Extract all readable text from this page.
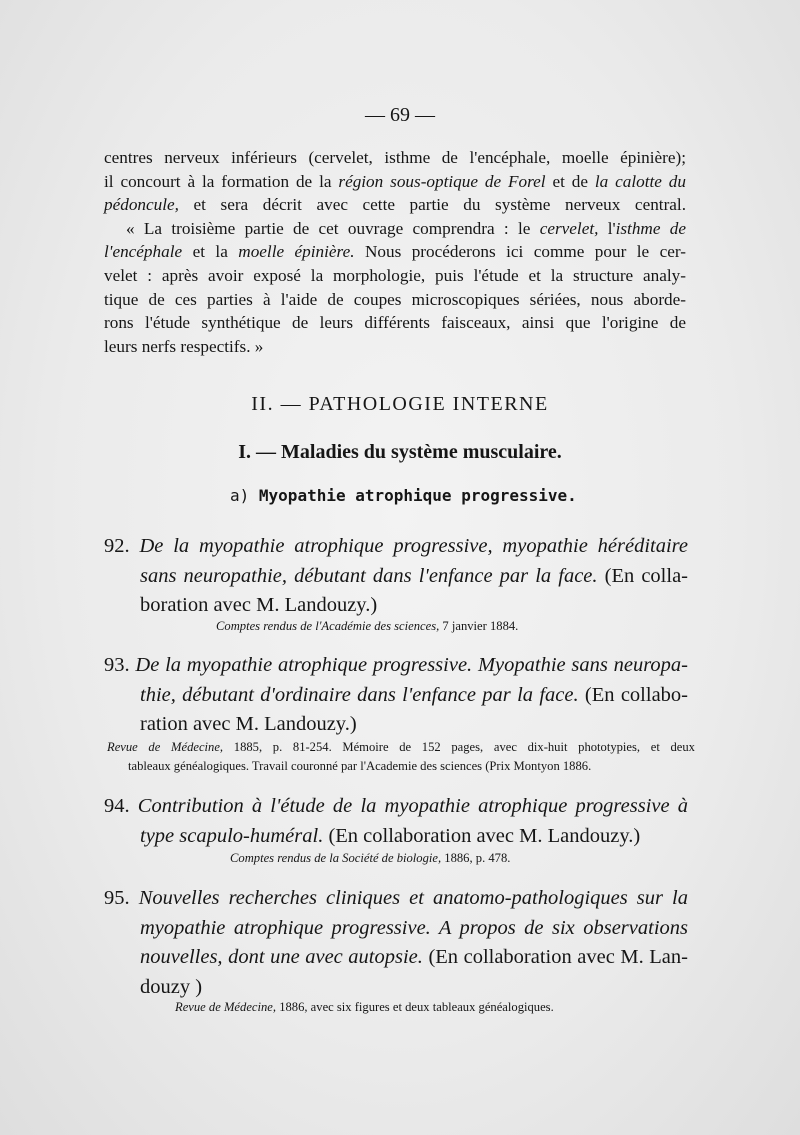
— 69 —
centres nerveux inférieurs (cervelet, isthme de l'encéphale, moelle épinière);
il concourt à la formation de la région sous-optique de Forel et de la calotte du
pédoncule, et sera décrit avec cette partie du système nerveux central.
« La troisième partie de cet ouvrage comprendra : le cervelet, l'isthme de
l'encéphale et la moelle épinière. Nous procéderons ici comme pour le cer-
velet : après avoir exposé la morphologie, puis l'étude et la structure analy-
tique de ces parties à l'aide de coupes microscopiques sériées, nous aborde-
rons l'étude synthétique de leurs différents faisceaux, ainsi que l'origine de
leurs nerfs respectifs. »
II. — PATHOLOGIE INTERNE
I. — Maladies du système musculaire.
a) Myopathie atrophique progressive.
92. De la myopathie atrophique progressive, myopathie héréditaire
sans neuropathie, débutant dans l'enfance par la face. (En colla-
boration avec M. Landouzy.)
Comptes rendus de l'Académie des sciences, 7 janvier 1884.
93. De la myopathie atrophique progressive. Myopathie sans neuropa-
thie, débutant d'ordinaire dans l'enfance par la face. (En collabo-
ration avec M. Landouzy.)
Revue de Médecine, 1885, p. 81-254. Mémoire de 152 pages, avec dix-huit phototypies, et deux
tableaux généalogiques. Travail couronné par l'Academie des sciences (Prix Montyon 1886.
94. Contribution à l'étude de la myopathie atrophique progressive à
type scapulo-huméral. (En collaboration avec M. Landouzy.)
Comptes rendus de la Société de biologie, 1886, p. 478.
95. Nouvelles recherches cliniques et anatomo-pathologiques sur la
myopathie atrophique progressive. A propos de six observations
nouvelles, dont une avec autopsie. (En collaboration avec M. Lan-
douzy )
Revue de Médecine, 1886, avec six figures et deux tableaux généalogiques.
